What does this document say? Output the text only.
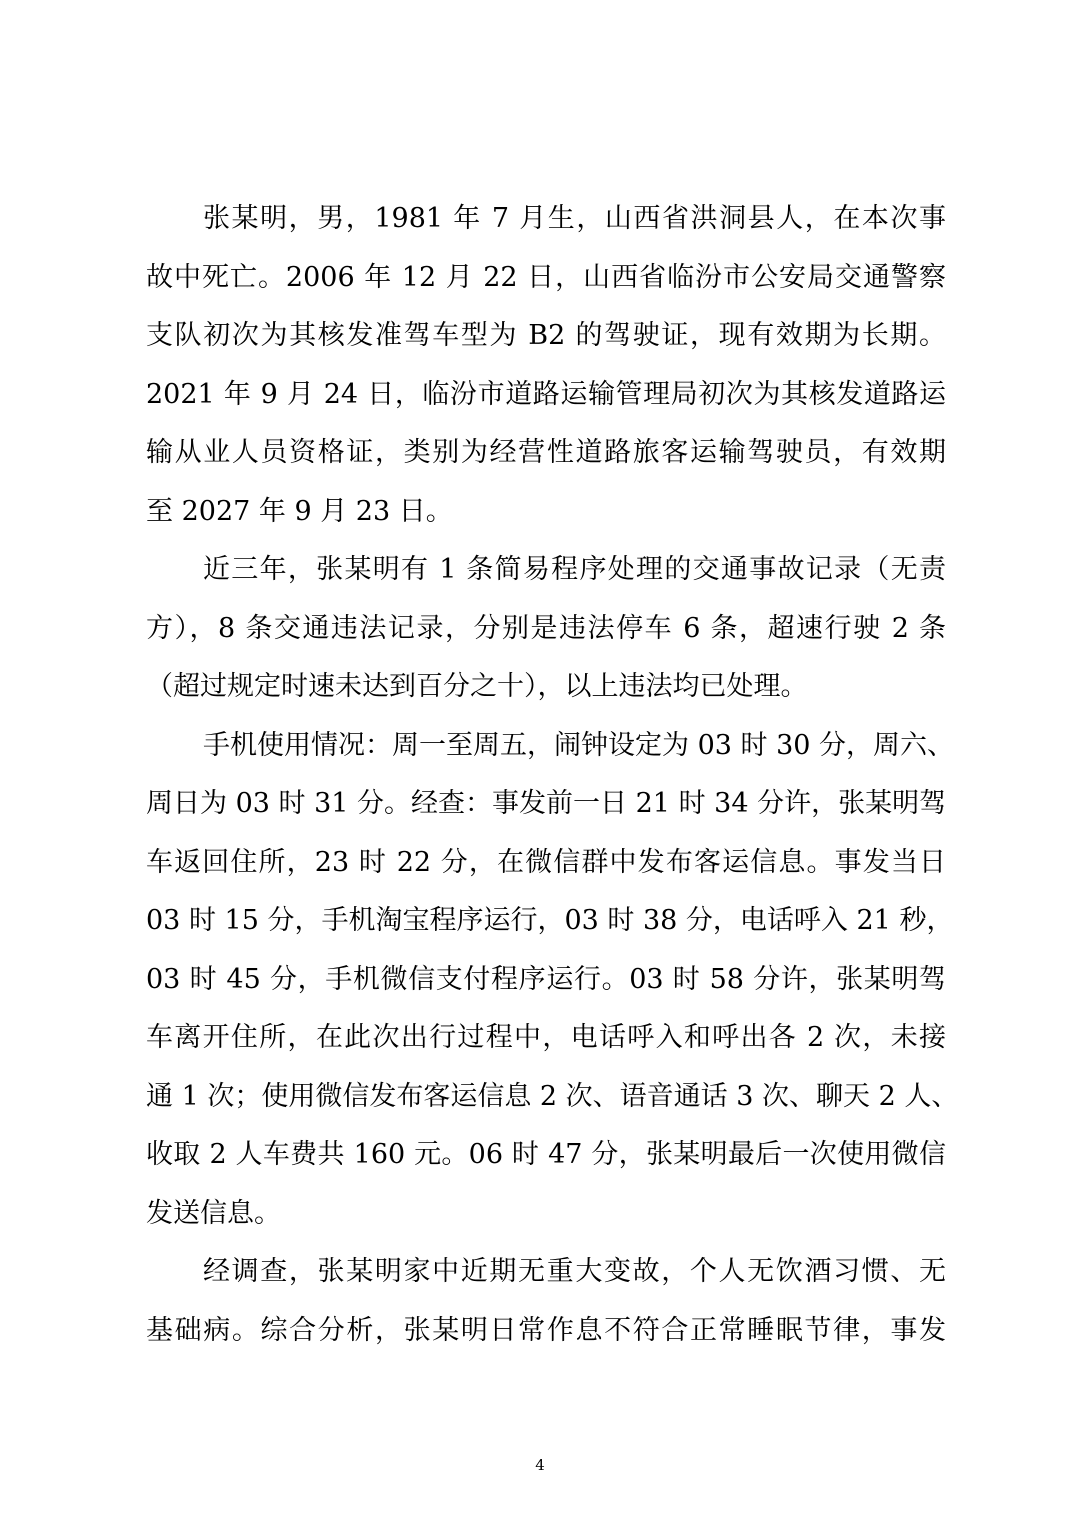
张某明，男，1981 年 7 月生，山西省洪洞县人，在本次事
故中死亡。2006 年 12 月 22 日，山西省临汾市公安局交通警察
支队初次为其核发准驾车型为 B2 的驾驶证，现有效期为长期。
2021 年 9 月 24 日，临汾市道路运输管理局初次为其核发道路运
输从业人员资格证，类别为经营性道路旅客运输驾驶员，有效期
至 2027 年 9 月 23 日。
近三年，张某明有 1 条简易程序处理的交通事故记录（无责
方），8 条交通违法记录，分别是违法停车 6 条，超速行驶 2 条
（超过规定时速未达到百分之十），以上违法均已处理。
手机使用情况：周一至周五，闹钟设定为 03 时 30 分，周六、
周日为 03 时 31 分。经查：事发前一日 21 时 34 分许，张某明驾
车返回住所，23 时 22 分，在微信群中发布客运信息。事发当日
03 时 15 分，手机淘宝程序运行，03 时 38 分，电话呼入 21 秒，
03 时 45 分，手机微信支付程序运行。03 时 58 分许，张某明驾
车离开住所，在此次出行过程中，电话呼入和呼出各 2 次，未接
通 1 次；使用微信发布客运信息 2 次、语音通话 3 次、聊天 2 人、
收取 2 人车费共 160 元。06 时 47 分，张某明最后一次使用微信
发送信息。
经调查，张某明家中近期无重大变故，个人无饮酒习惯、无
基础病。综合分析，张某明日常作息不符合正常睡眠节律，事发
4
